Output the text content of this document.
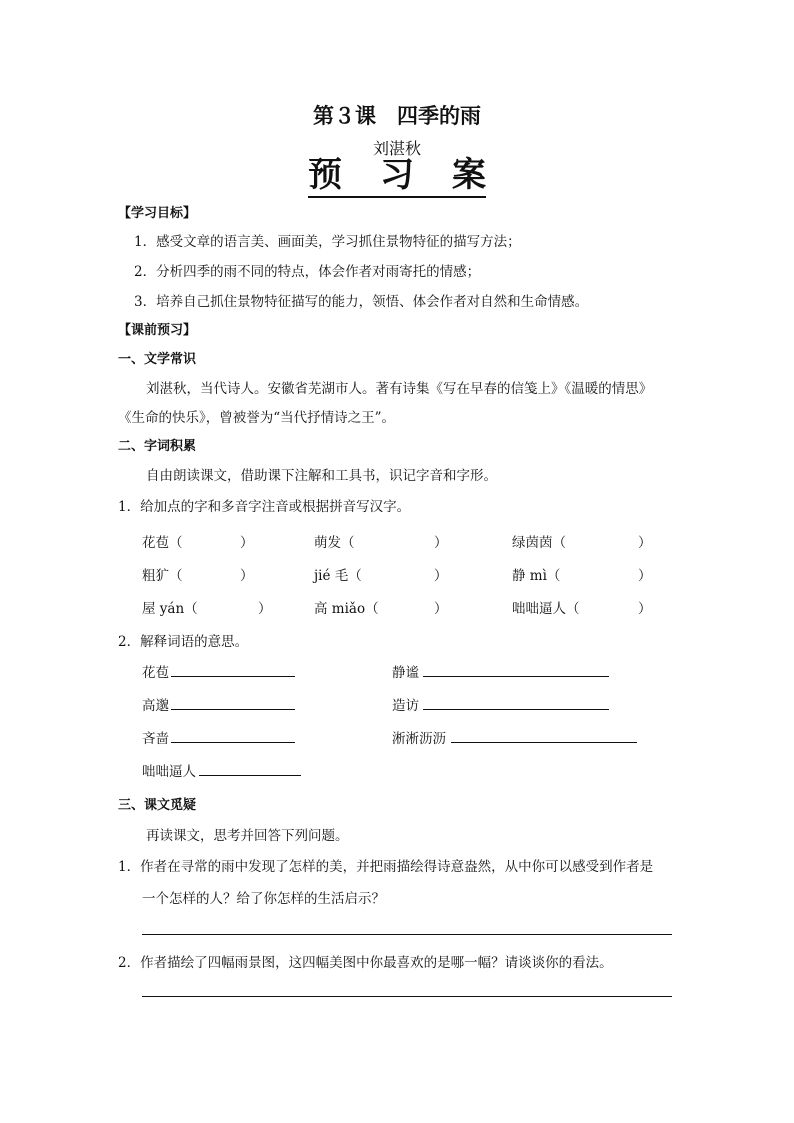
第３课　四季的雨
刘湛秋
预 习 案
【学习目标】
1．感受文章的语言美、画面美，学习抓住景物特征的描写方法；
2．分析四季的雨不同的特点，体会作者对雨寄托的情感；
3．培养自己抓住景物特征描写的能力，领悟、体会作者对自然和生命情感。
【课前预习】
一、文学常识
刘湛秋，当代诗人。安徽省芜湖市人。著有诗集《写在早春的信笺上》《温暖的情思》
《生命的快乐》，曾被誉为“当代抒情诗之王”。
二、字词积累
自由朗读课文，借助课下注解和工具书，识记字音和字形。
1．给加点的字和多音字注音或根据拼音写汉字。
花苞（	）	萌发（	）	绿茵茵（	）
粗犷（	）	jié 毛（	）	静 mì（	）
屋 yán（	）	高 miǎo（	）	咄咄逼人（	）
2．解释词语的意思。
花苞	静谧
高邈	造访
吝啬	淅淅沥沥
咄咄逼人
三、课文觅疑
再读课文，思考并回答下列问题。
1．作者在寻常的雨中发现了怎样的美，并把雨描绘得诗意盎然，从中你可以感受到作者是
一个怎样的人？给了你怎样的生活启示？
2．作者描绘了四幅雨景图，这四幅美图中你最喜欢的是哪一幅？请谈谈你的看法。
